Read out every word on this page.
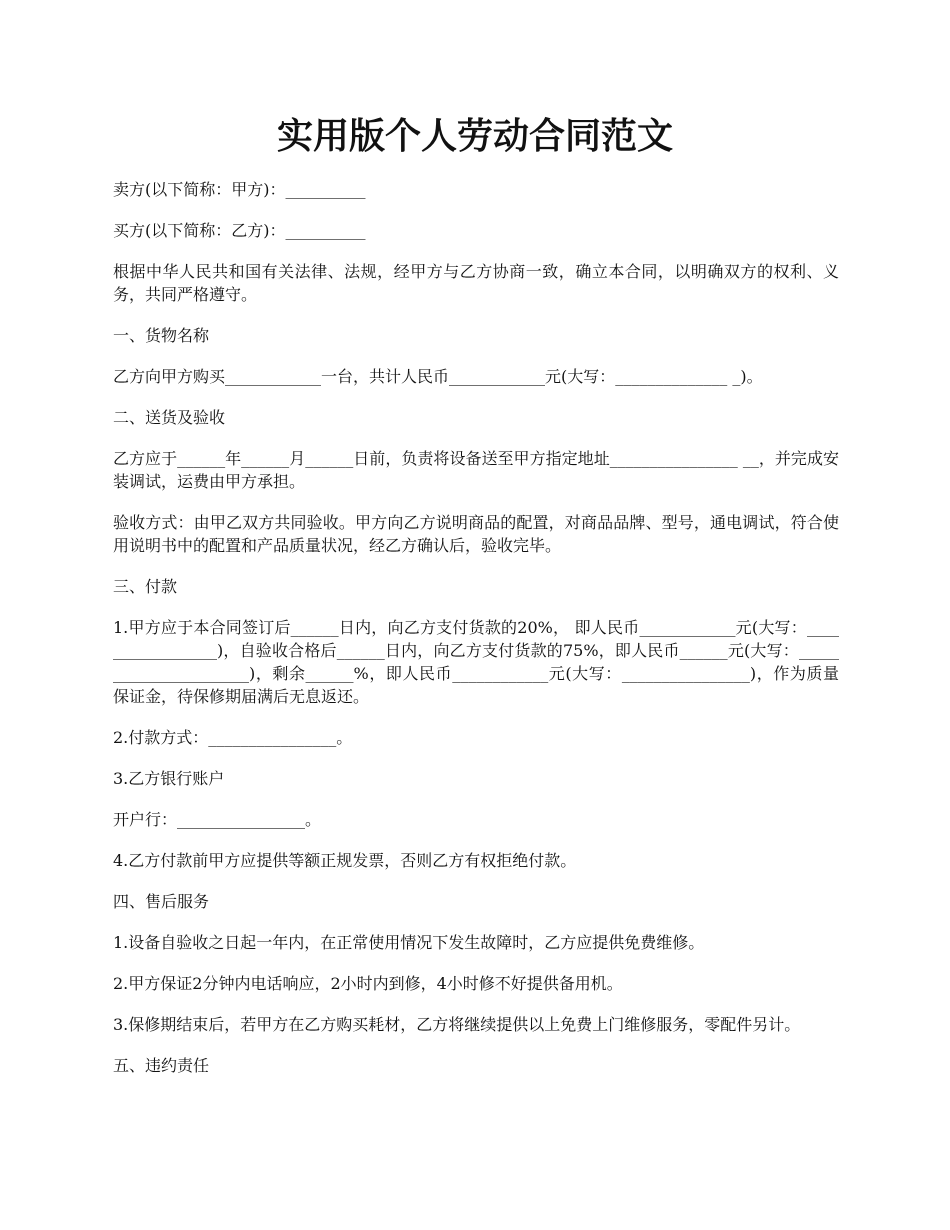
实用版个人劳动合同范文

卖方(以下简称：甲方)：__________

买方(以下简称：乙方)：__________

根据中华人民共和国有关法律、法规，经甲方与乙方协商一致，确立本合同，以明确双方的权利、义务，共同严格遵守。

一、货物名称

乙方向甲方购买____________一台，共计人民币____________元(大写：______________ _)。

二、送货及验收

乙方应于______年______月______日前，负责将设备送至甲方指定地址________________ __，并完成安装调试，运费由甲方承担。

验收方式：由甲乙双方共同验收。甲方向乙方说明商品的配置，对商品品牌、型号，通电调试，符合使用说明书中的配置和产品质量状况，经乙方确认后，验收完毕。

三、付款

1.甲方应于本合同签订后______日内，向乙方支付货款的20%， 即人民币____________元(大写：_________________)，自验收合格后______日内，向乙方支付货款的75%，即人民币______元(大写：______________________)，剩余______%，即人民币____________元(大写：________________)，作为质量保证金，待保修期届满后无息返还。

2.付款方式：________________。

3.乙方银行账户

开户行：________________。

4.乙方付款前甲方应提供等额正规发票，否则乙方有权拒绝付款。

四、售后服务

1.设备自验收之日起一年内，在正常使用情况下发生故障时，乙方应提供免费维修。

2.甲方保证2分钟内电话响应，2小时内到修，4小时修不好提供备用机。

3.保修期结束后，若甲方在乙方购买耗材，乙方将继续提供以上免费上门维修服务，零配件另计。

五、违约责任
